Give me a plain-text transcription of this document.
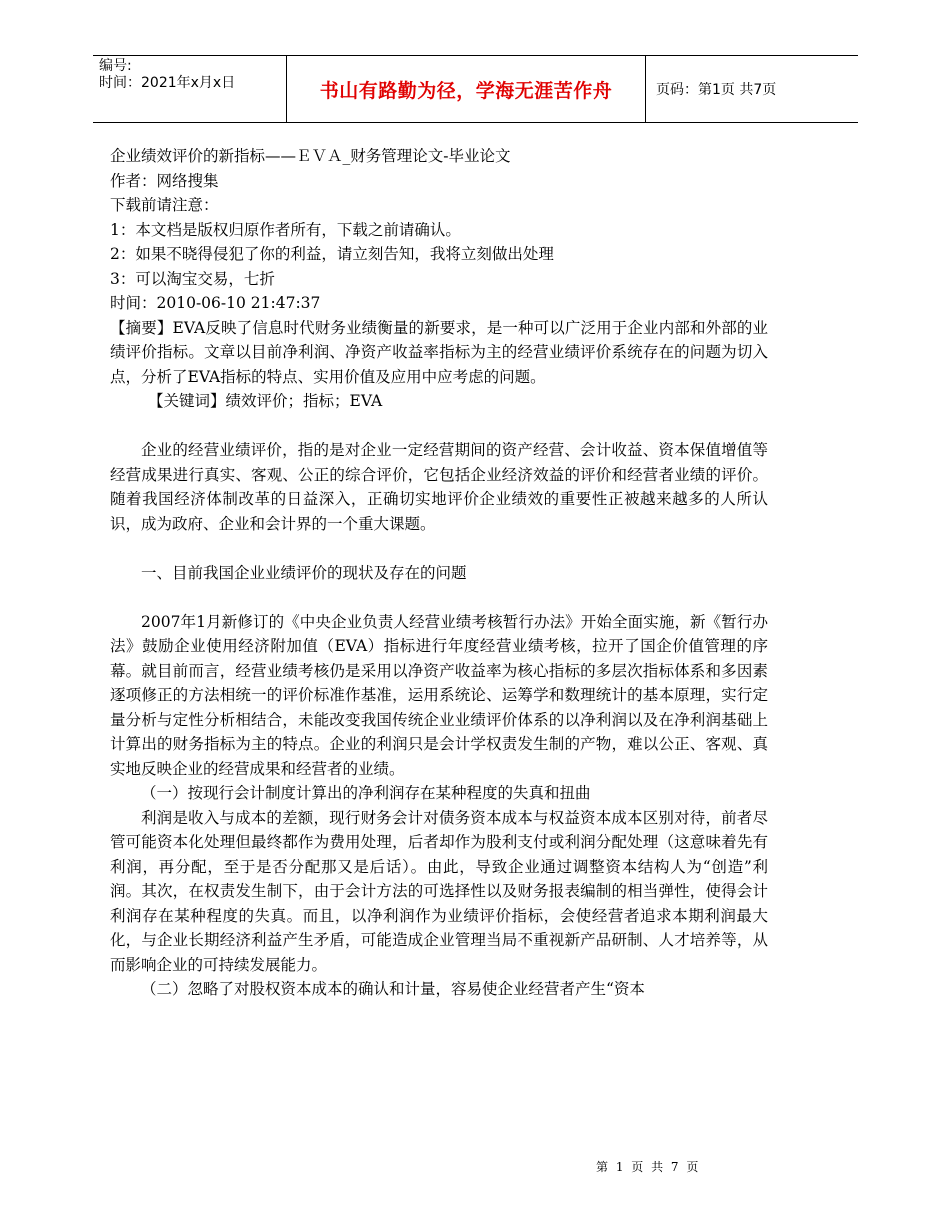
编号:
时间：2021年x月x日	书山有路勤为径，学海无涯苦作舟	页码：第1页 共7页
企业绩效评价的新指标——ＥＶＡ_财务管理论文-毕业论文
作者：网络搜集
下载前请注意：
1：本文档是版权归原作者所有，下载之前请确认。
2：如果不晓得侵犯了你的利益，请立刻告知，我将立刻做出处理
3：可以淘宝交易，七折
时间：2010-06-10 21:47:37

【摘要】EVA反映了信息时代财务业绩衡量的新要求，是一种可以广泛用于企业内部和外部的业绩评价指标。文章以目前净利润、净资产收益率指标为主的经营业绩评价系统存在的问题为切入点，分析了EVA指标的特点、实用价值及应用中应考虑的问题。

【关键词】绩效评价；指标；EVA

企业的经营业绩评价，指的是对企业一定经营期间的资产经营、会计收益、资本保值增值等经营成果进行真实、客观、公正的综合评价，它包括企业经济效益的评价和经营者业绩的评价。随着我国经济体制改革的日益深入，正确切实地评价企业绩效的重要性正被越来越多的人所认识，成为政府、企业和会计界的一个重大课题。

一、目前我国企业业绩评价的现状及存在的问题

2007年1月新修订的《中央企业负责人经营业绩考核暂行办法》开始全面实施，新《暂行办法》鼓励企业使用经济附加值（EVA）指标进行年度经营业绩考核，拉开了国企价值管理的序幕。就目前而言，经营业绩考核仍是采用以净资产收益率为核心指标的多层次指标体系和多因素逐项修正的方法相统一的评价标准作基准，运用系统论、运筹学和数理统计的基本原理，实行定量分析与定性分析相结合，未能改变我国传统企业业绩评价体系的以净利润以及在净利润基础上计算出的财务指标为主的特点。企业的利润只是会计学权责发生制的产物，难以公正、客观、真实地反映企业的经营成果和经营者的业绩。

（一）按现行会计制度计算出的净利润存在某种程度的失真和扭曲

利润是收入与成本的差额，现行财务会计对债务资本成本与权益资本成本区别对待，前者尽管可能资本化处理但最终都作为费用处理，后者却作为股利支付或利润分配处理（这意味着先有利润，再分配，至于是否分配那又是后话）。由此，导致企业通过调整资本结构人为“创造”利润。其次，在权责发生制下，由于会计方法的可选择性以及财务报表编制的相当弹性，使得会计利润存在某种程度的失真。而且，以净利润作为业绩评价指标，会使经营者追求本期利润最大化，与企业长期经济利益产生矛盾，可能造成企业管理当局不重视新产品研制、人才培养等，从而影响企业的可持续发展能力。

（二）忽略了对股权资本成本的确认和计量，容易使企业经营者产生“资本
第 1 页 共 7 页
